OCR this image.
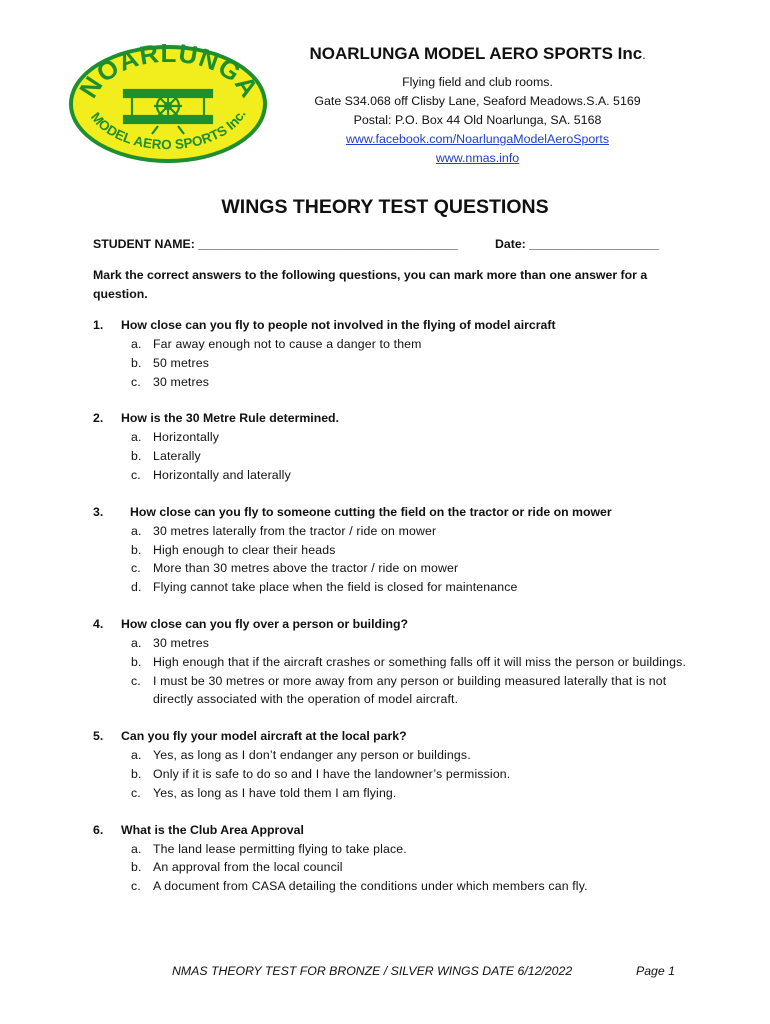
NOARLUNGA
MODEL AERO SPORTS Inc.
NOARLUNGA MODEL AERO SPORTS Inc.
Flying field and club rooms.
Gate S34.068 off Clisby Lane, Seaford Meadows.S.A. 5169
Postal: P.O. Box 44 Old Noarlunga, SA. 5168
www.facebook.com/NoarlungaModelAeroSports
www.nmas.info
WINGS THEORY TEST QUESTIONS
STUDENT NAME: ______________________________________	Date: ___________________
Mark the correct answers to the following questions, you can mark more than one answer for a question.
1.	How close can you fly to people not involved in the flying of model aircraft
a. Far away enough not to cause a danger to them
b. 50 metres
c. 30 metres
2.	How is the 30 Metre Rule determined.
a. Horizontally
b. Laterally
c. Horizontally and laterally
3.	How close can you fly to someone cutting the field on the tractor or ride on mower
a. 30 metres laterally from the tractor / ride on mower
b. High enough to clear their heads
c. More than 30 metres above the tractor / ride on mower
d. Flying cannot take place when the field is closed for maintenance
4.	How close can you fly over a person or building?
a. 30 metres
b. High enough that if the aircraft crashes or something falls off it will miss the person or buildings.
c. I must be 30 metres or more away from any person or building measured laterally that is not directly associated with the operation of model aircraft.
5.	Can you fly your model aircraft at the local park?
a. Yes, as long as I don’t endanger any person or buildings.
b. Only if it is safe to do so and I have the landowner’s permission.
c. Yes, as long as I have told them I am flying.
6.	What is the Club Area Approval
a. The land lease permitting flying to take place.
b. An approval from the local council
c. A document from CASA detailing the conditions under which members can fly.
NMAS THEORY TEST FOR BRONZE / SILVER WINGS DATE 6/12/2022	Page 1
